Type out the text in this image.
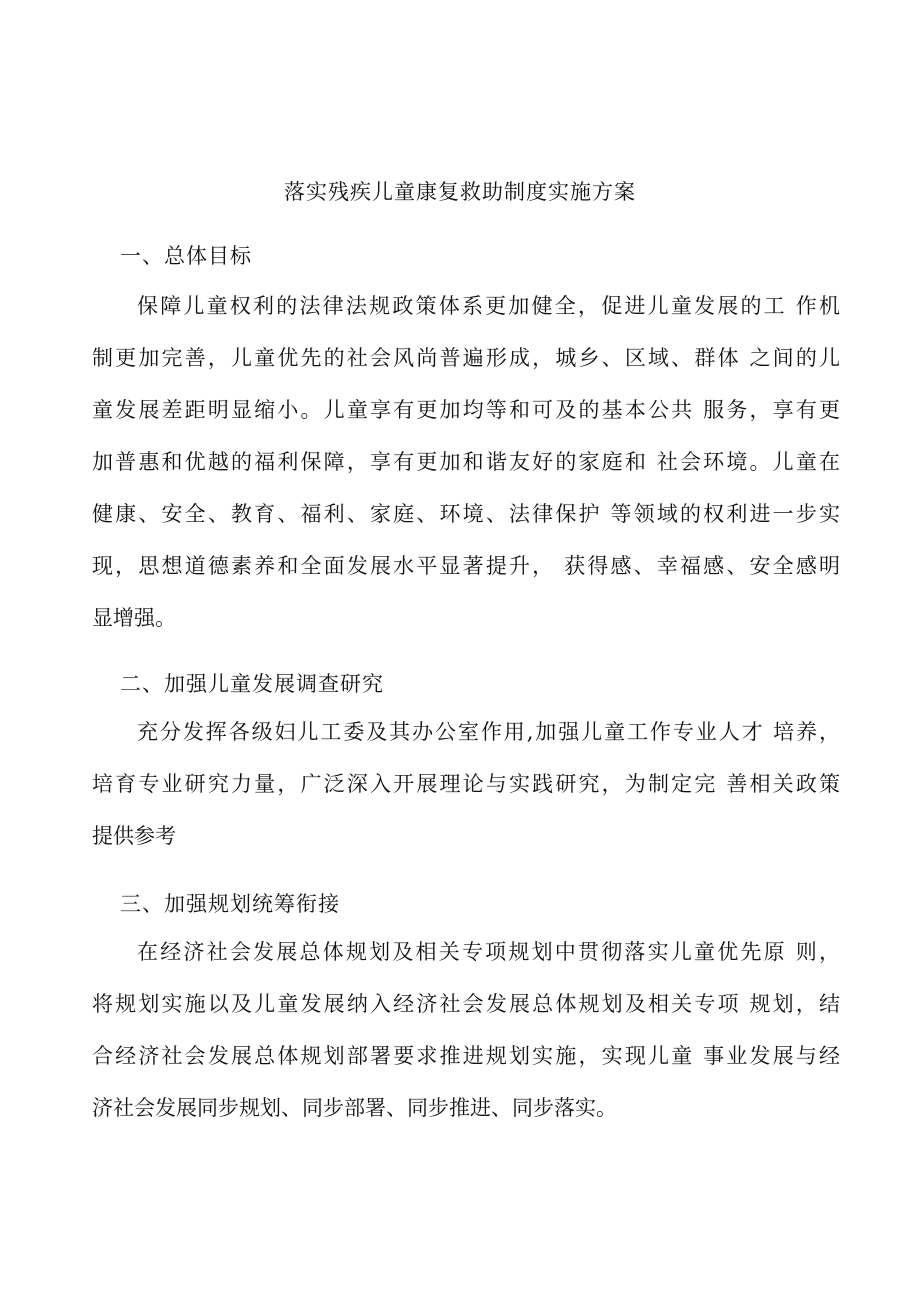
落实残疾儿童康复救助制度实施方案
一、总体目标
保障儿童权利的法律法规政策体系更加健全，促进儿童发展的工 作机
制更加完善，儿童优先的社会风尚普遍形成，城乡、区域、群体 之间的儿
童发展差距明显缩小。儿童享有更加均等和可及的基本公共 服务，享有更
加普惠和优越的福利保障，享有更加和谐友好的家庭和 社会环境。儿童在
健康、安全、教育、福利、家庭、环境、法律保护 等领域的权利进一步实
现，思想道德素养和全面发展水平显著提升， 获得感、幸福感、安全感明
显增强。
二、加强儿童发展调查研究
充分发挥各级妇儿工委及其办公室作用,加强儿童工作专业人才 培养，
培育专业研究力量，广泛深入开展理论与实践研究，为制定完 善相关政策
提供参考
三、加强规划统筹衔接
在经济社会发展总体规划及相关专项规划中贯彻落实儿童优先原 则，
将规划实施以及儿童发展纳入经济社会发展总体规划及相关专项 规划，结
合经济社会发展总体规划部署要求推进规划实施，实现儿童 事业发展与经
济社会发展同步规划、同步部署、同步推进、同步落实。
